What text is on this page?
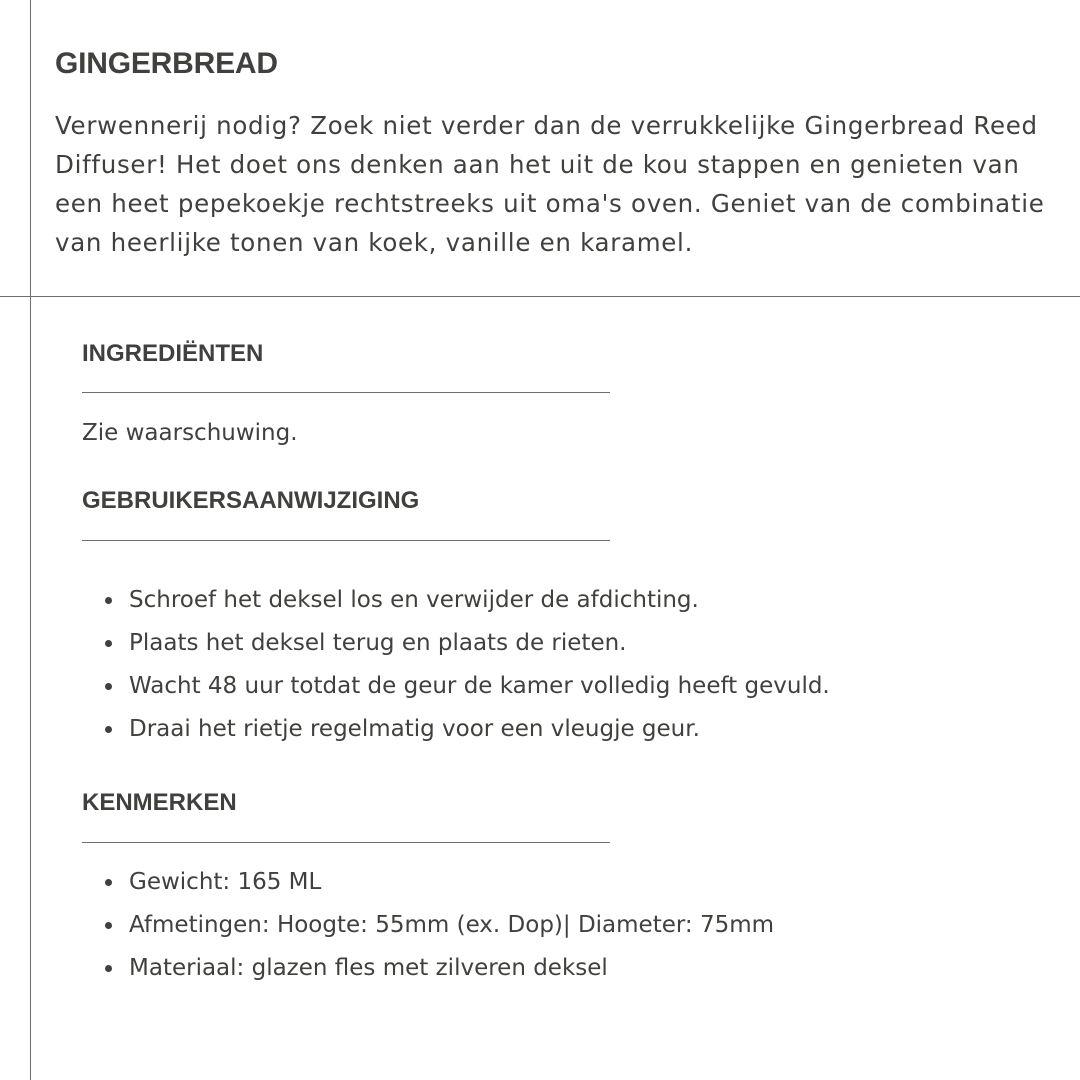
GINGERBREAD

Verwennerij nodig? Zoek niet verder dan de verrukkelijke Gingerbread Reed Diffuser! Het doet ons denken aan het uit de kou stappen en genieten van een heet pepekoekje rechtstreeks uit oma's oven. Geniet van de combinatie van heerlijke tonen van koek, vanille en karamel.

INGREDIËNTEN

Zie waarschuwing.

GEBRUIKERSAANWIJZIGING
Schroef het deksel los en verwijder de afdichting.
Plaats het deksel terug en plaats de rieten.
Wacht 48 uur totdat de geur de kamer volledig heeft gevuld.
Draai het rietje regelmatig voor een vleugje geur.
KENMERKEN
Gewicht: 165 ML
Afmetingen: Hoogte: 55mm (ex. Dop)| Diameter: 75mm
Materiaal: glazen fles met zilveren deksel
